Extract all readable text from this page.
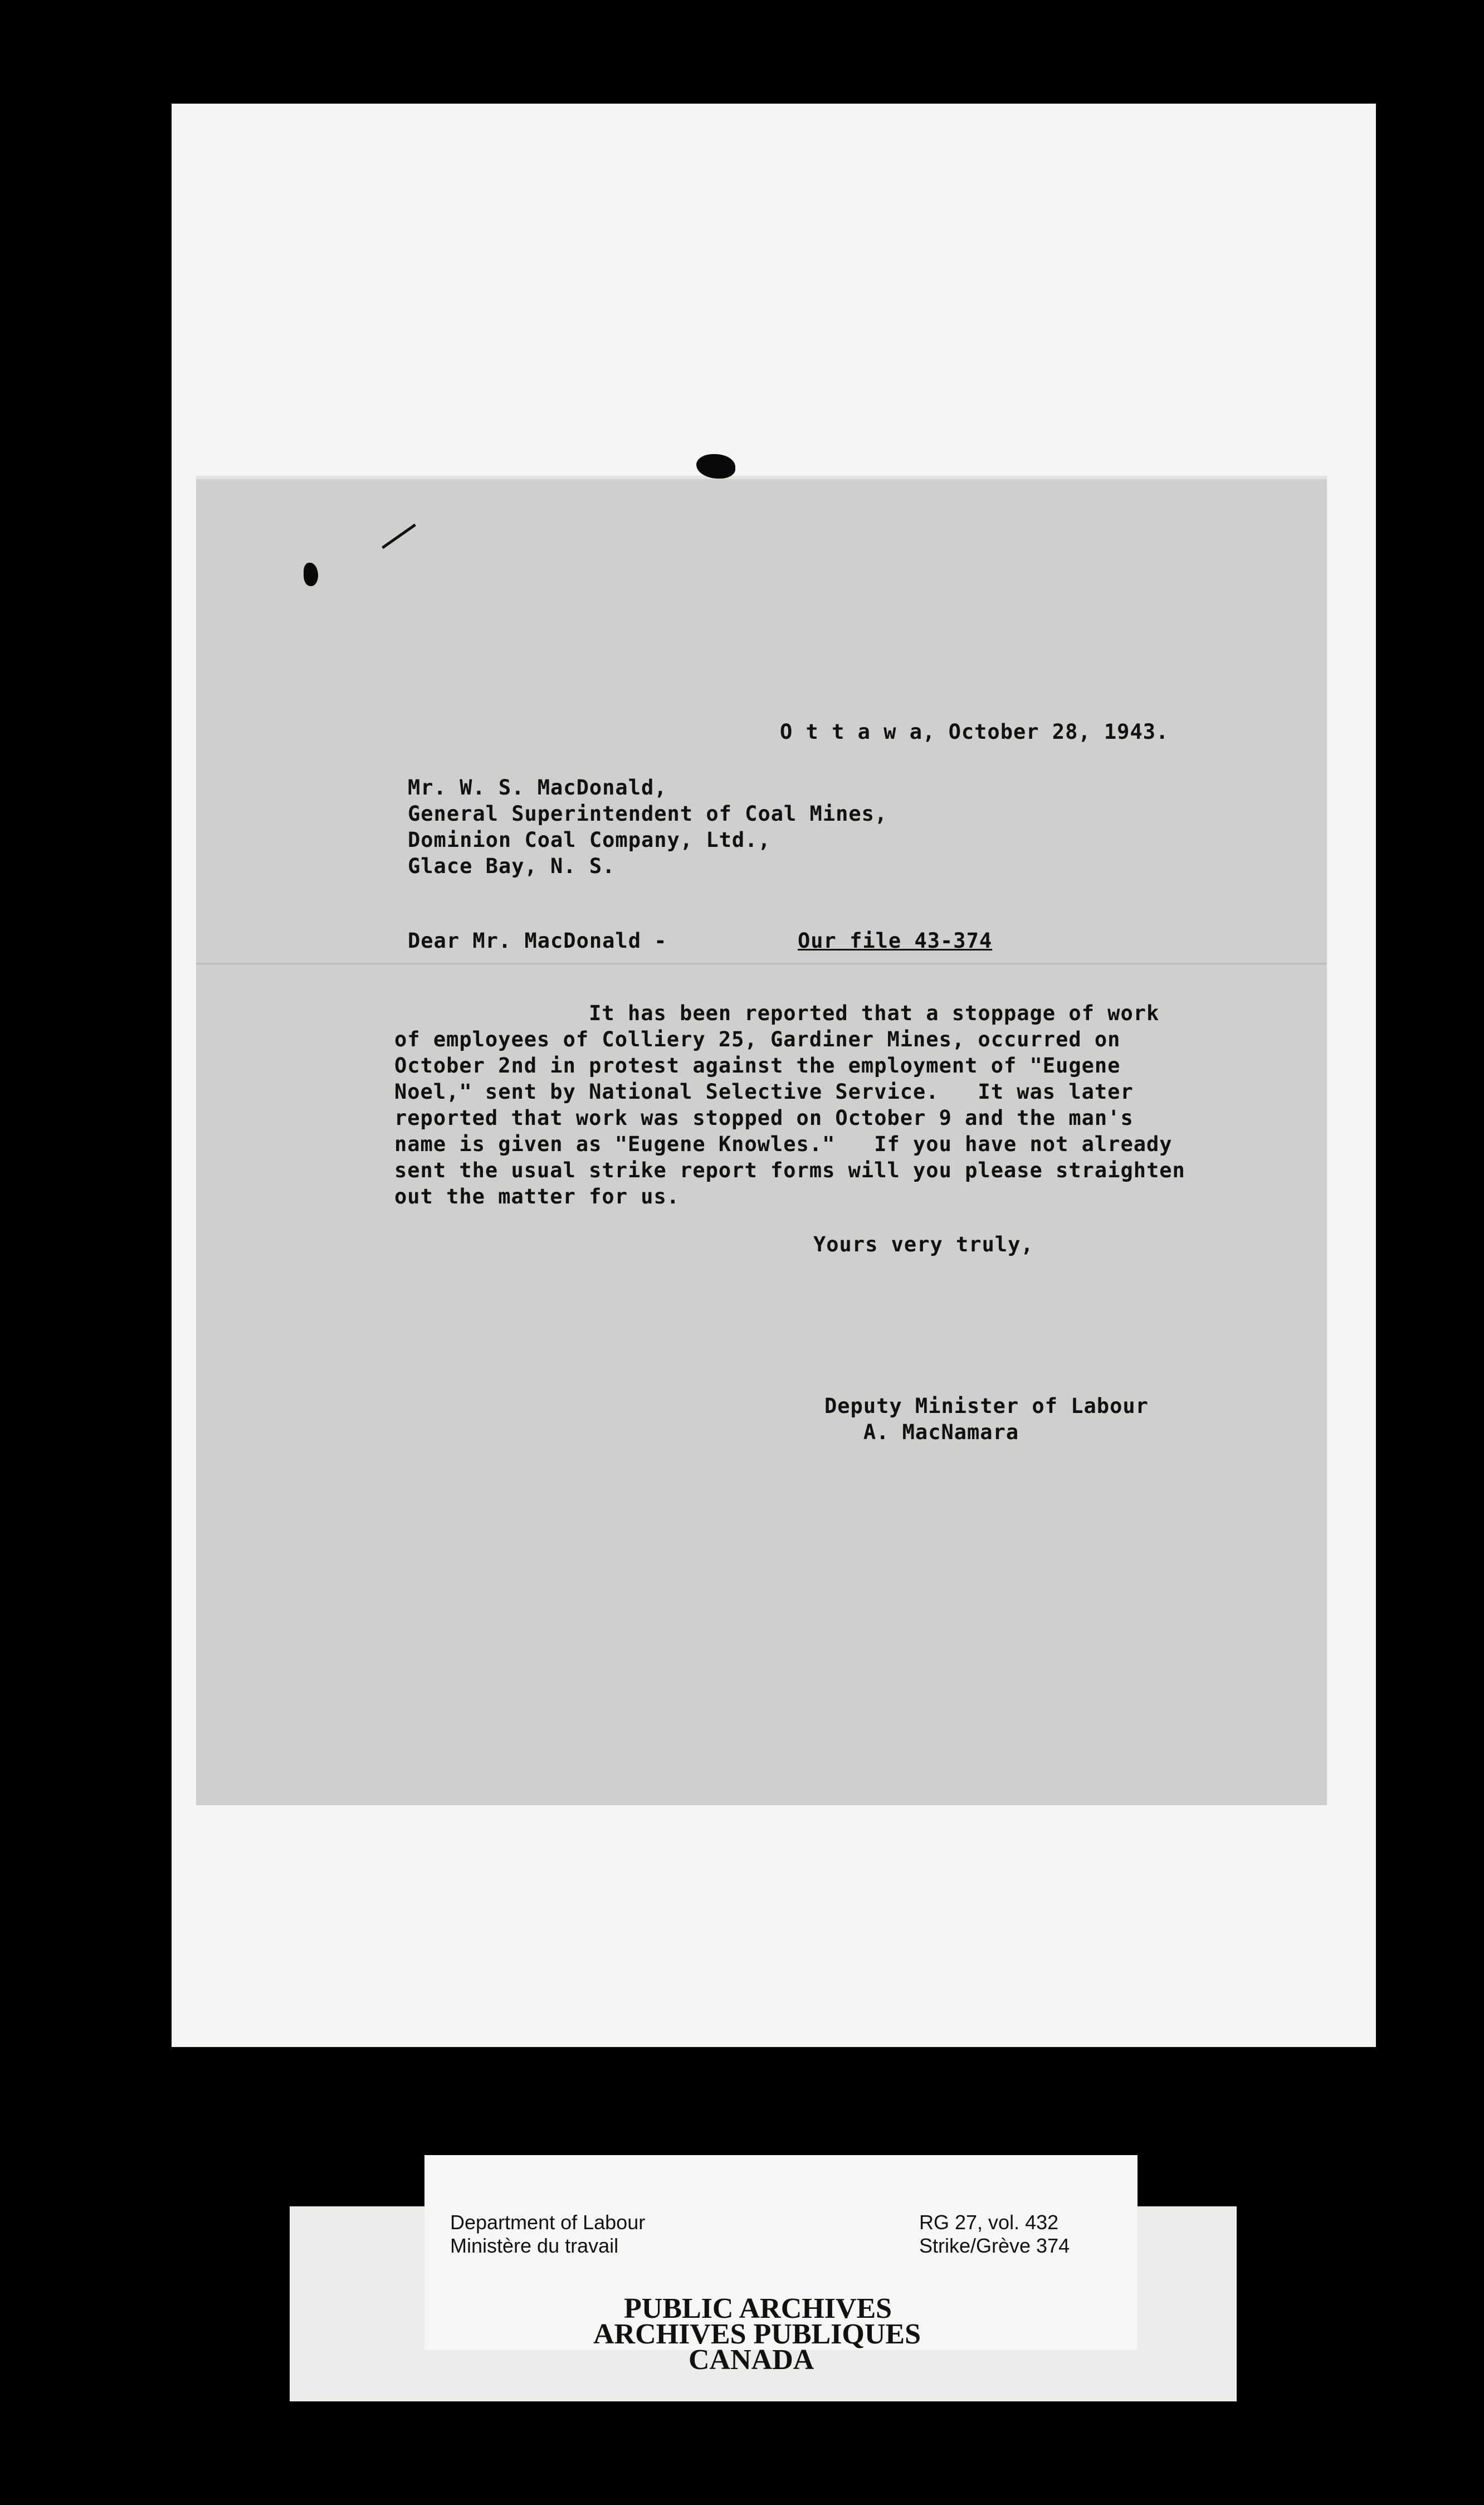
O t t a w a, October 28, 1943.
Mr. W. S. MacDonald,
General Superintendent of Coal Mines,
Dominion Coal Company, Ltd.,
Glace Bay, N. S.
Dear Mr. MacDonald -	Our file 43-374
It has been reported that a stoppage of work
of employees of Colliery 25, Gardiner Mines, occurred on
October 2nd in protest against the employment of "Eugene
Noel," sent by National Selective Service.   It was later
reported that work was stopped on October 9 and the man's
name is given as "Eugene Knowles."   If you have not already
sent the usual strike report forms will you please straighten
out the matter for us.
Yours very truly,
Deputy Minister of Labour
A. MacNamara
Department of Labour
Ministère du travail
RG 27, vol. 432
Strike/Grève 374
PUBLIC ARCHIVES
ARCHIVES PUBLIQUES
CANADA
